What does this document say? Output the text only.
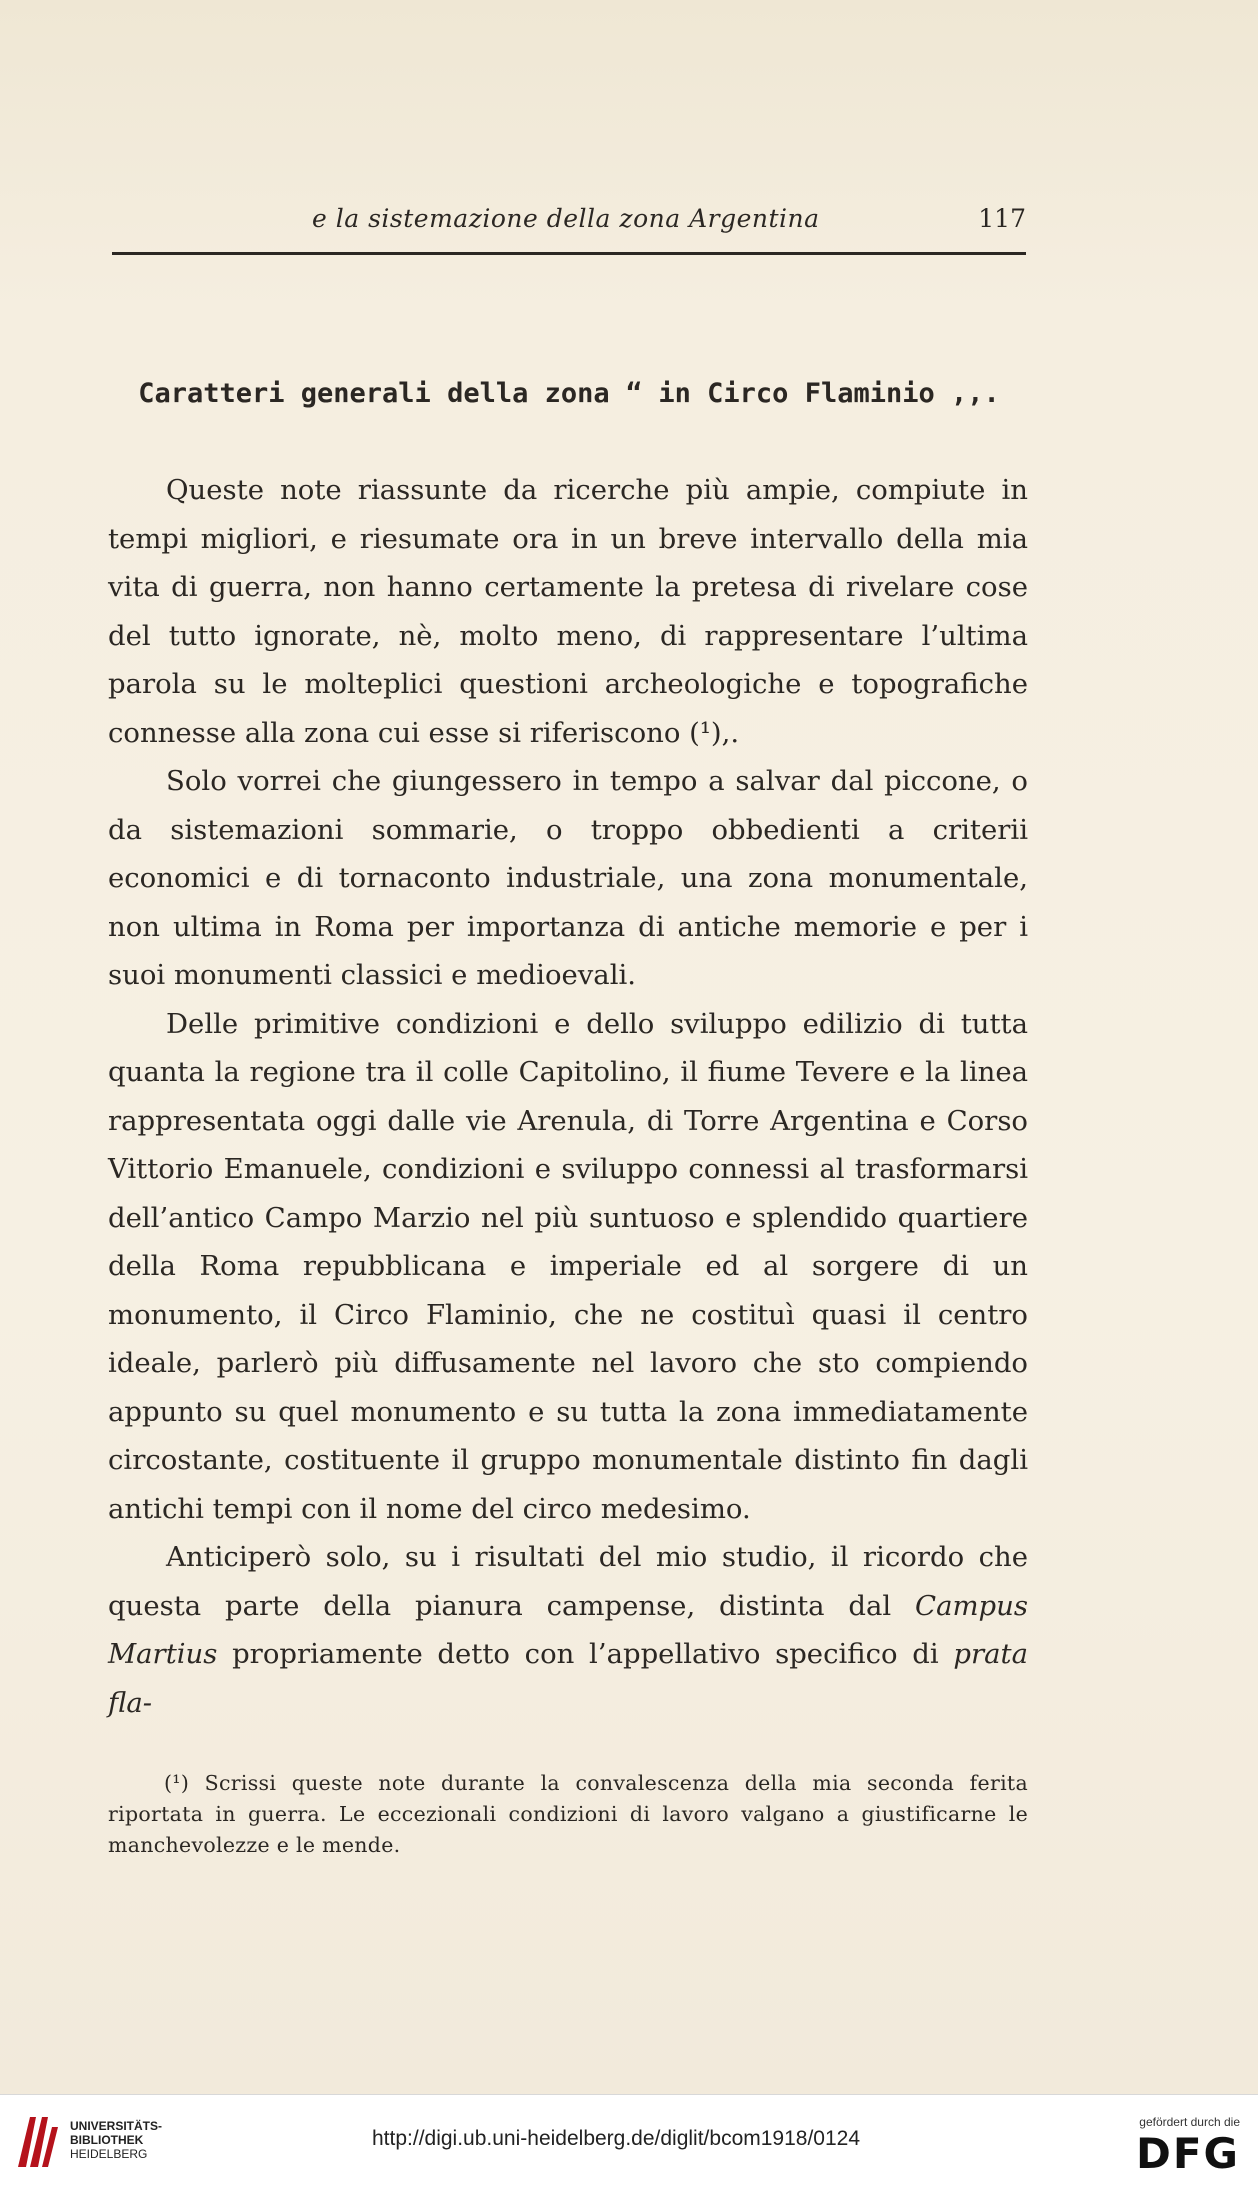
e la sistemazione della zona Argentina	117
Caratteri generali della zona “ in Circo Flaminio ,,.

Queste note riassunte da ricerche più ampie, compiute in tempi migliori, e riesumate ora in un breve intervallo della mia vita di guerra, non hanno certamente la pretesa di rivelare cose del tutto ignorate, nè, molto meno, di rappresentare l’ultima parola su le molteplici questioni archeologiche e topografiche connesse alla zona cui esse si riferiscono (¹),.

Solo vorrei che giungessero in tempo a salvar dal piccone, o da sistemazioni sommarie, o troppo obbedienti a criterii economici e di tornaconto industriale, una zona monumentale, non ultima in Roma per importanza di antiche memorie e per i suoi monumenti classici e medioevali.

Delle primitive condizioni e dello sviluppo edilizio di tutta quanta la regione tra il colle Capitolino, il fiume Tevere e la linea rappresentata oggi dalle vie Arenula, di Torre Argentina e Corso Vittorio Emanuele, condizioni e sviluppo connessi al trasformarsi dell’antico Campo Marzio nel più suntuoso e splendido quartiere della Roma repubblicana e imperiale ed al sorgere di un monumento, il Circo Flaminio, che ne costituì quasi il centro ideale, parlerò più diffusamente nel lavoro che sto compiendo appunto su quel monumento e su tutta la zona immediatamente circostante, costituente il gruppo monumentale distinto fin dagli antichi tempi con il nome del circo medesimo.

Anticiperò solo, su i risultati del mio studio, il ricordo che questa parte della pianura campense, distinta dal Campus Martius propriamente detto con l’appellativo specifico di prata fla-

(¹) Scrissi queste note durante la convalescenza della mia seconda ferita riportata in guerra. Le eccezionali condizioni di lavoro valgano a giustificarne le manchevolezze e le mende.

UNIVERSITÄTS-
BIBLIOTHEK
HEIDELBERG
http://digi.ub.uni-heidelberg.de/diglit/bcom1918/0124
gefördert durch die
DFG
